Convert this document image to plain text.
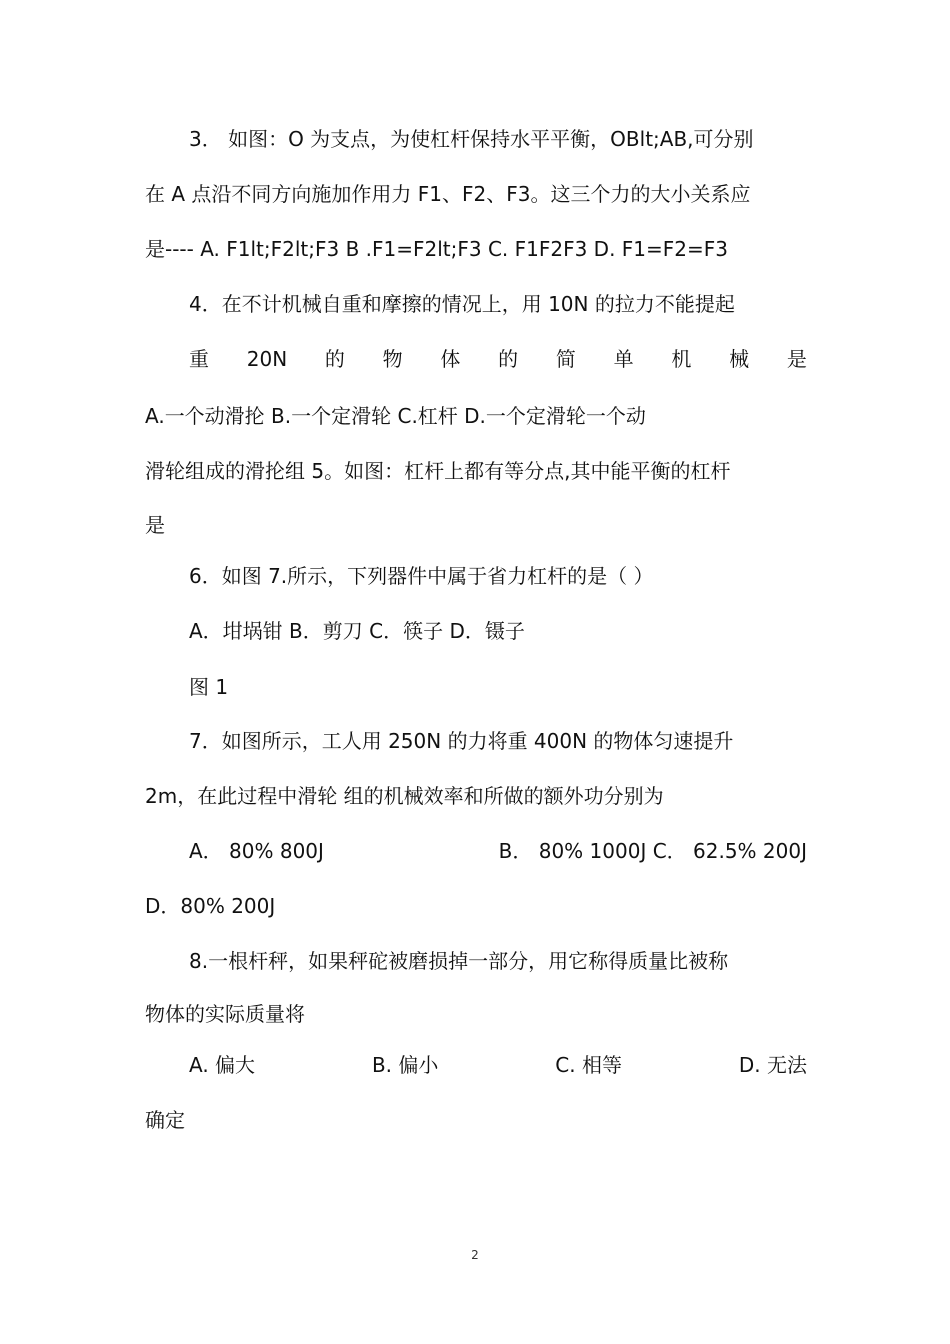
3． 如图：O 为支点，为使杠杆保持水平平衡，OBlt;AB,可分别
在 A 点沿不同方向施加作用力 F1、F2、F3。这三个力的大小关系应
是---- A. F1lt;F2lt;F3 B .F1=F2lt;F3 C. F1F2F3 D. F1=F2=F3
4．在不计机械自重和摩擦的情况上，用 10N 的拉力不能提起
重 20N 的 物 体 的 简 单 机 械 是
A.一个动滑抡 B.一个定滑轮 C.杠杆 D.一个定滑轮一个动
滑轮组成的滑抡组 5。如图：杠杆上都有等分点,其中能平衡的杠杆
是
6．如图 7.所示，下列器件中属于省力杠杆的是（ ）
A．坩埚钳 B．剪刀 C．筷子 D．镊子
图 1
7．如图所示，工人用 250N 的力将重 400N 的物体匀速提升
2m，在此过程中滑轮 组的机械效率和所做的额外功分别为
A． 80% 800J	B． 80% 1000J C． 62.5% 200J
D．80% 200J
8.一根杆秤，如果秤砣被磨损掉一部分，用它称得质量比被称
物体的实际质量将
A. 偏大	B. 偏小	C. 相等	D. 无法
确定
2
